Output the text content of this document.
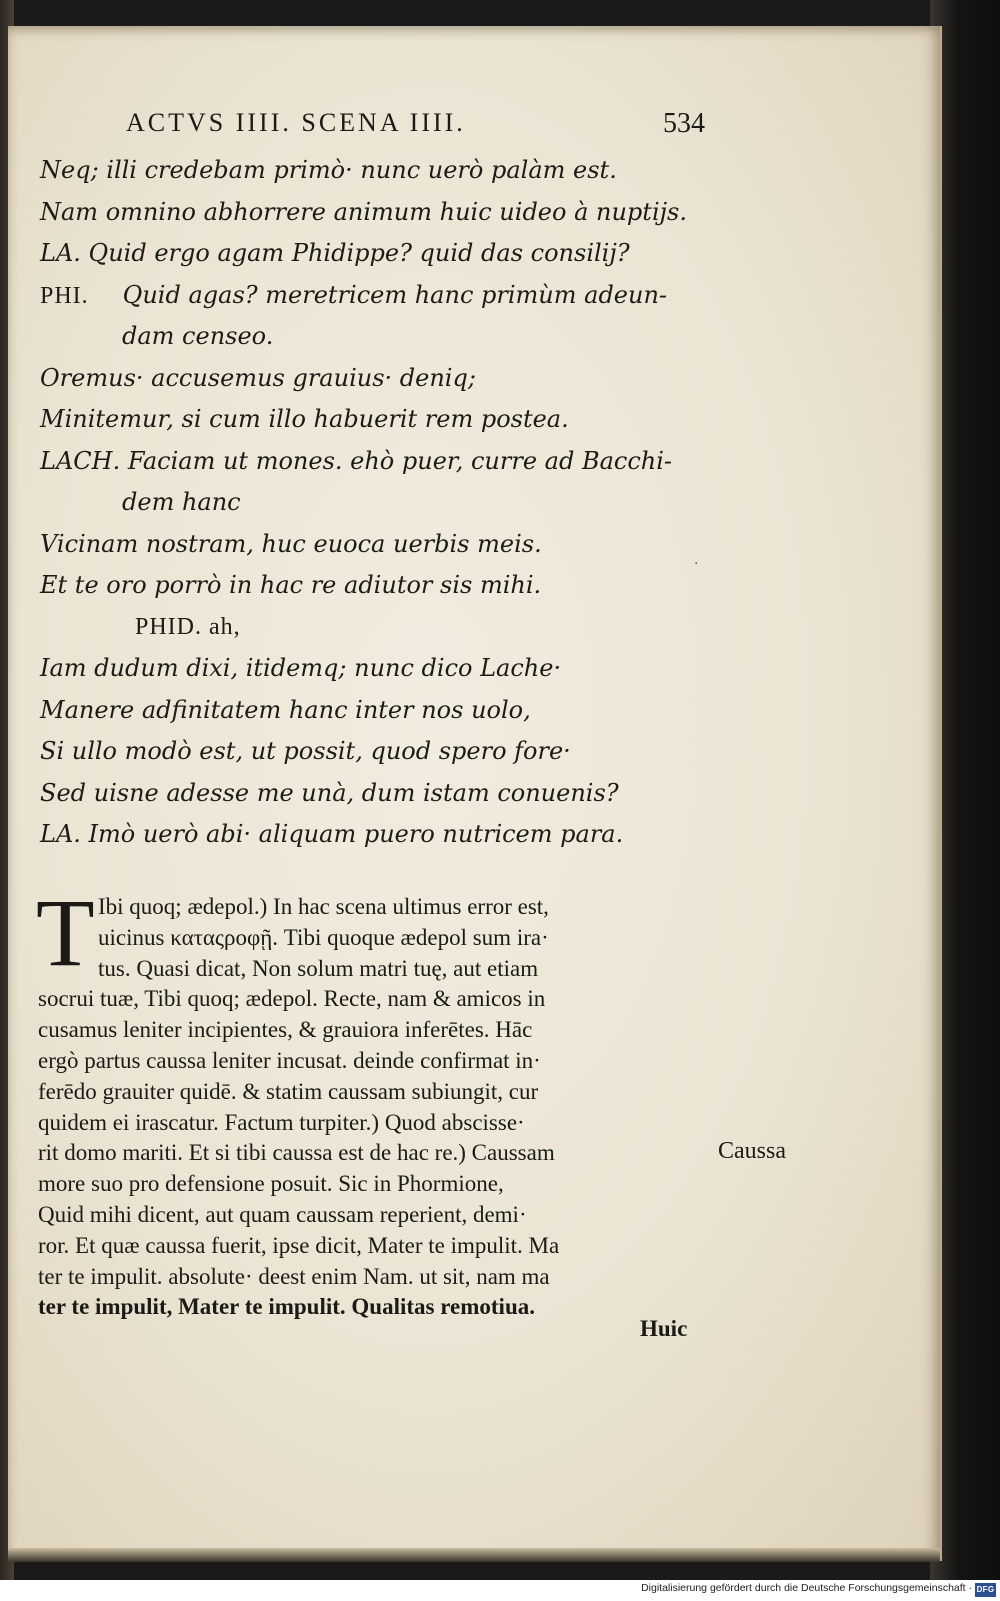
ACTVS IIII. SCENA IIII.	534
Neq; illi credebam primò· nunc uerò palàm est.
Nam omnino abhorrere animum huic uideo à nuptijs.
LA. Quid ergo agam Phidippe? quid das consilij?
PHI. Quid agas? meretricem hanc primùm adeun-
dam censeo.
Oremus· accusemus grauius· deniq;
Minitemur, si cum illo habuerit rem postea.
LACH. Faciam ut mones. ehò puer, curre ad Bacchi-
dem hanc
Vicinam nostram, huc euoca uerbis meis.
Et te oro porrò in hac re adiutor sis mihi.
PHID. ah,
Iam dudum dixi, itidemq; nunc dico Lache·
Manere adfinitatem hanc inter nos uolo,
Si ullo modò est, ut possit, quod spero fore·
Sed uisne adesse me unà, dum istam conuenis?
LA. Imò uerò abi· aliquam puero nutricem para.
·
T Ibi quoq; ædepol.) In hac scena ultimus error est,
uicinus καταςροφῇ. Tibi quoque ædepol sum ira·
tus. Quasi dicat, Non solum matri tuę, aut etiam
socrui tuæ, Tibi quoq; ædepol. Recte, nam & amicos in
cusamus leniter incipientes, & grauiora inferētes. Hāc
ergò partus caussa leniter incusat. deinde confirmat in·
ferēdo grauiter quidē. & statim caussam subiungit, cur
quidem ei irascatur. Factum turpiter.) Quod abscisse·
rit domo mariti. Et si tibi caussa est de hac re.) Caussam
more suo pro defensione posuit. Sic in Phormione,
Quid mihi dicent, aut quam caussam reperient, demi·
ror. Et quæ caussa fuerit, ipse dicit, Mater te impulit. Ma
ter te impulit. absolute· deest enim Nam. ut sit, nam ma
ter te impulit, Mater te impulit. Qualitas remotiua.
Caussa
Huic
Digitalisierung gefördert durch die Deutsche Forschungsgemeinschaft · DFG
